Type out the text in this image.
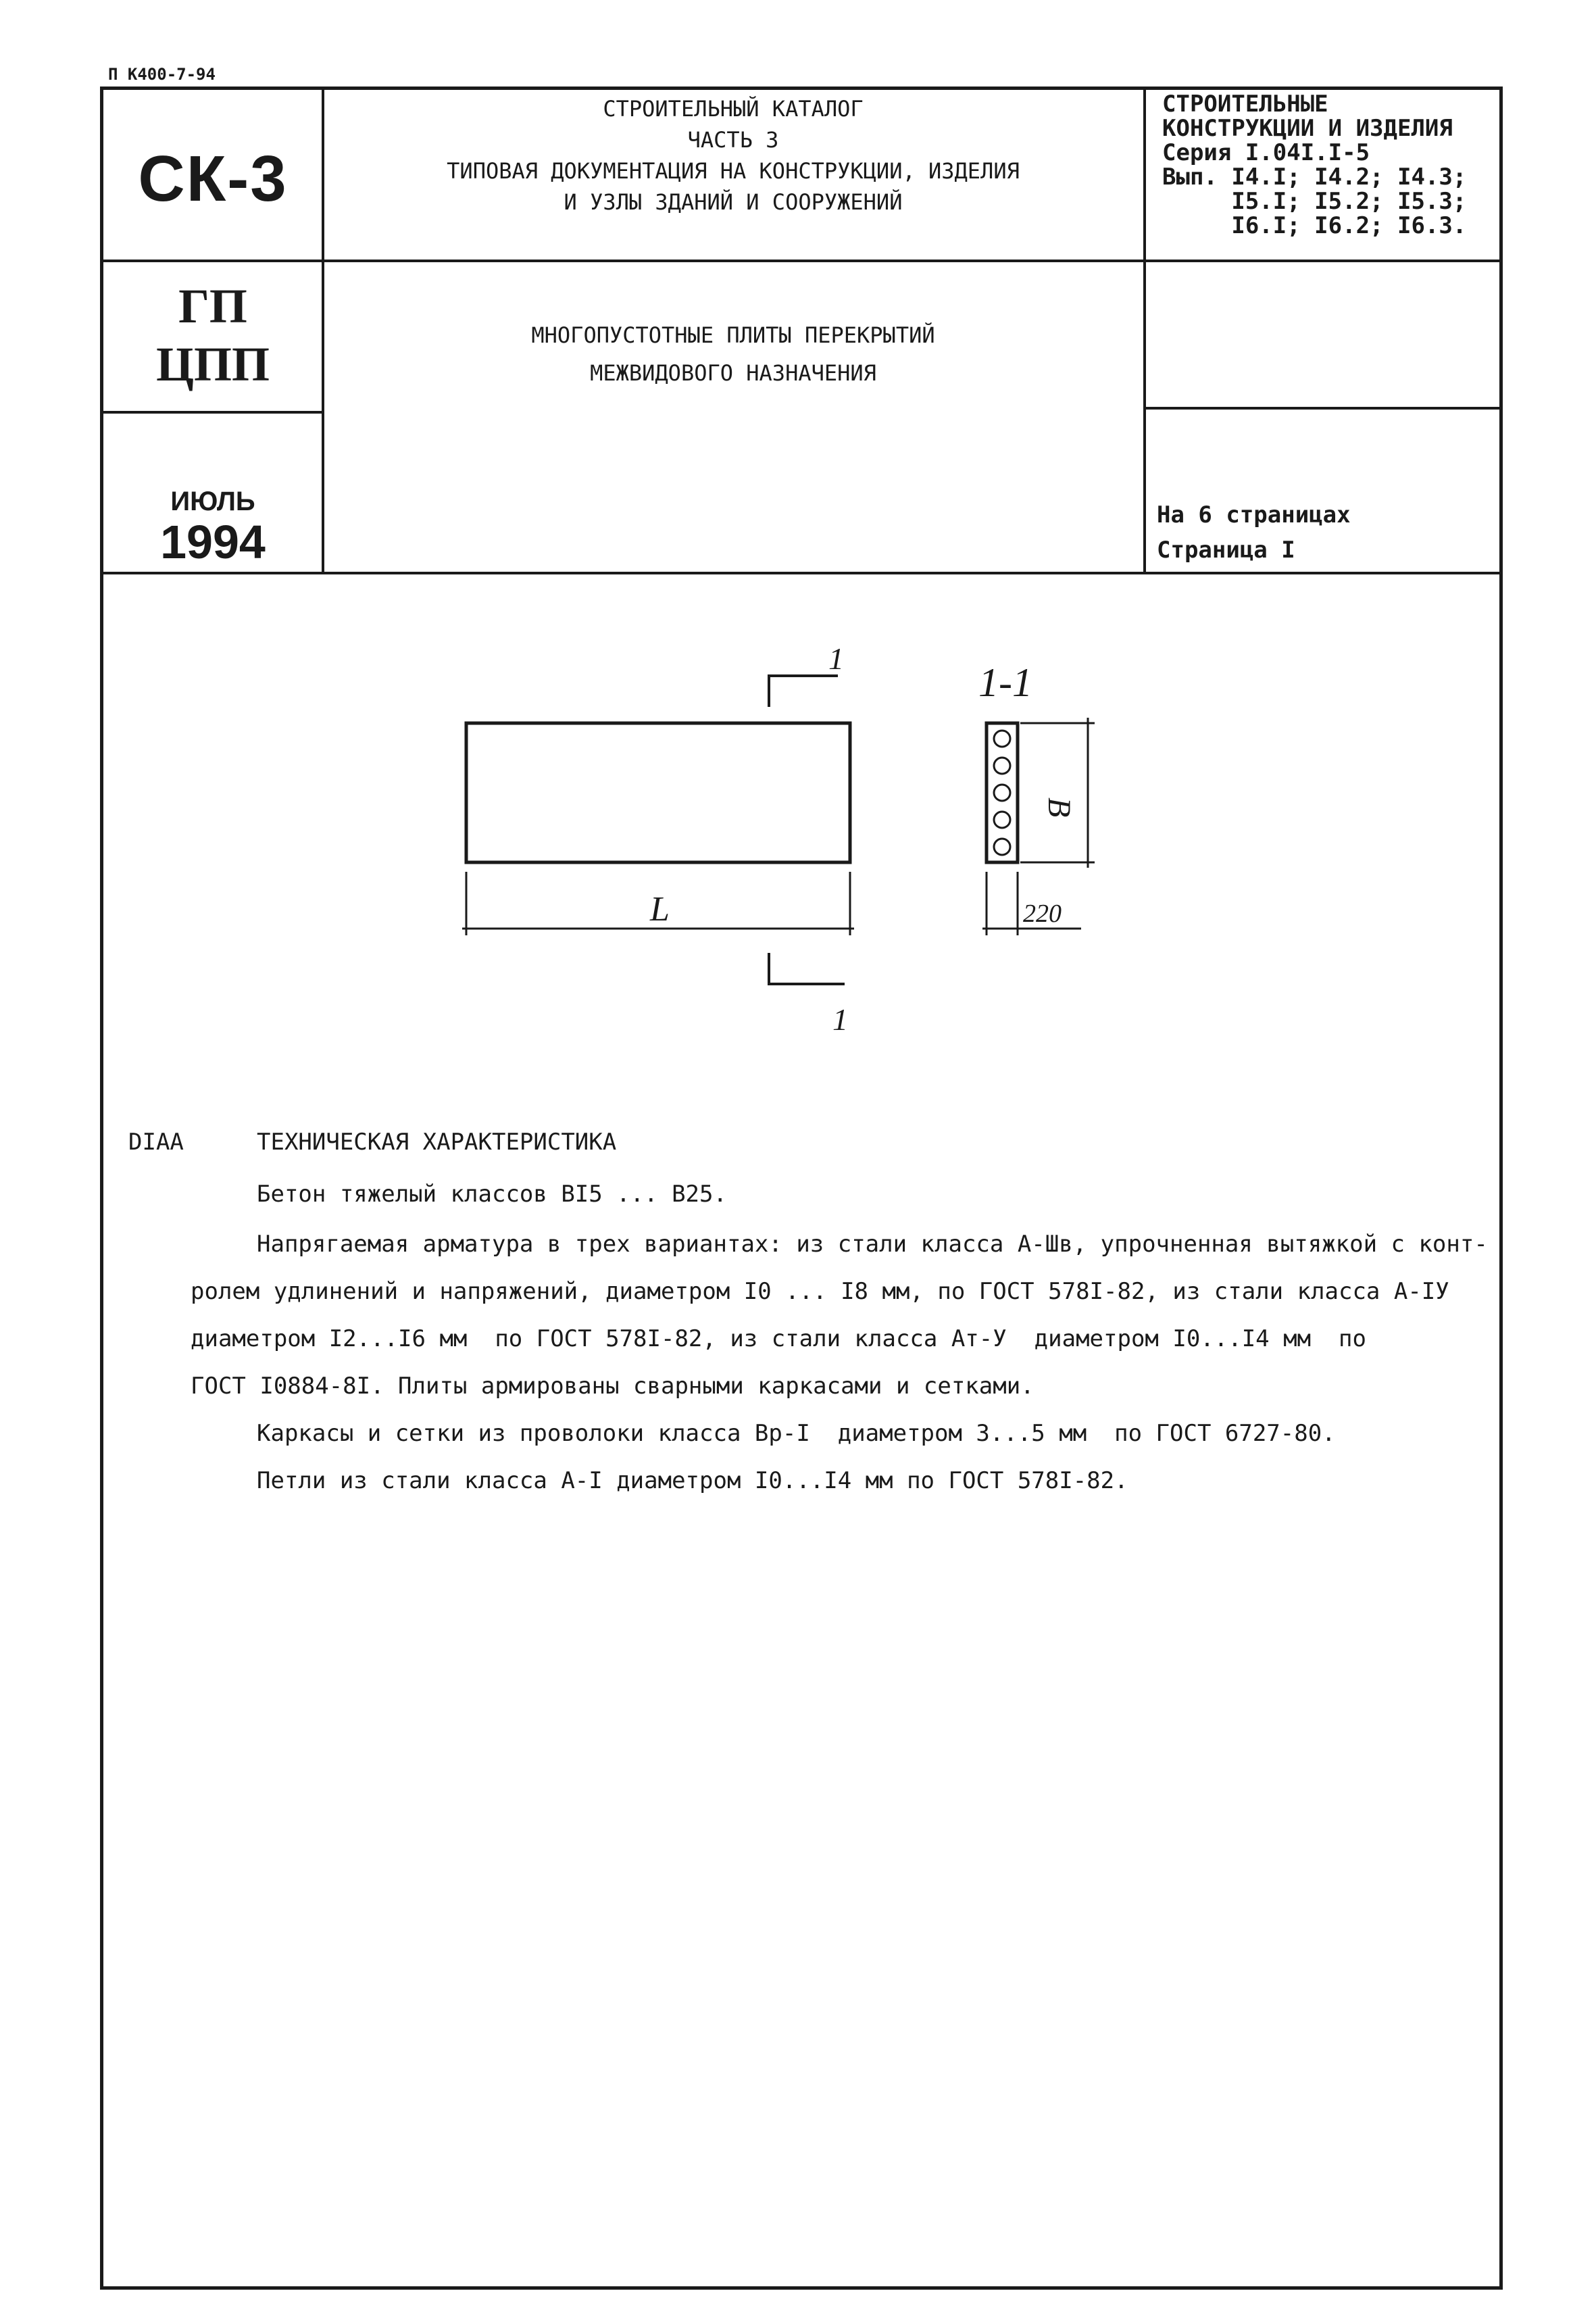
П К400-7-94
СК-3
ГП
ЦПП
ИЮЛЬ
1994
СТРОИТЕЛЬНЫЙ КАТАЛОГ
ЧАСТЬ 3
ТИПОВАЯ ДОКУМЕНТАЦИЯ НА КОНСТРУКЦИИ, ИЗДЕЛИЯ
И УЗЛЫ ЗДАНИЙ И СООРУЖЕНИЙ
СТРОИТЕЛЬНЫЕ
КОНСТРУКЦИИ И ИЗДЕЛИЯ
Серия I.04I.I-5
Вып. I4.I; I4.2; I4.3;
I5.I; I5.2; I5.3;
I6.I; I6.2; I6.3.
МНОГОПУСТОТНЫЕ ПЛИТЫ ПЕРЕКРЫТИЙ
МЕЖВИДОВОГО НАЗНАЧЕНИЯ
На 6 страницах
Страница I
1
1
1-1
L
В
220
DIAA	ТЕХНИЧЕСКАЯ ХАРАКТЕРИСТИКА
Бетон тяжелый классов BI5 ... B25.
Напрягаемая арматура в трех вариантах: из стали класса А-Шв, упрочненная вытяжкой с конт-
ролем удлинений и напряжений, диаметром I0 ... I8 мм, по ГОСТ 578I-82, из стали класса А-IУ
диаметром I2...I6 мм  по ГОСТ 578I-82, из стали класса Ат-У  диаметром I0...I4 мм  по
ГОСТ I0884-8I. Плиты армированы сварными каркасами и сетками.
Каркасы и сетки из проволоки класса Вр-I  диаметром 3...5 мм  по ГОСТ 6727-80.
Петли из стали класса А-I диаметром I0...I4 мм по ГОСТ 578I-82.
